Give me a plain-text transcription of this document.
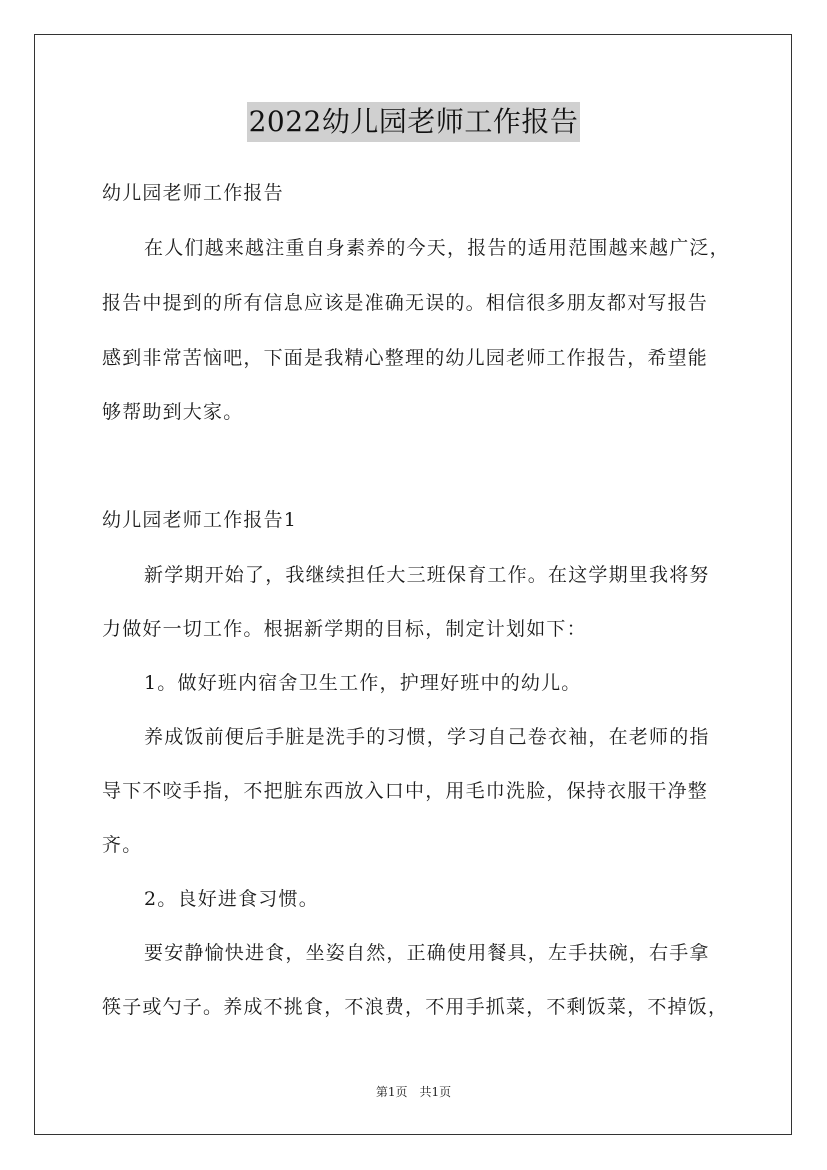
2022幼儿园老师工作报告
幼儿园老师工作报告
在人们越来越注重自身素养的今天，报告的适用范围越来越广泛，
报告中提到的所有信息应该是准确无误的。相信很多朋友都对写报告
感到非常苦恼吧，下面是我精心整理的幼儿园老师工作报告，希望能
够帮助到大家。
幼儿园老师工作报告1
新学期开始了，我继续担任大三班保育工作。在这学期里我将努
力做好一切工作。根据新学期的目标，制定计划如下：
1。做好班内宿舍卫生工作，护理好班中的幼儿。
养成饭前便后手脏是洗手的习惯，学习自己卷衣袖，在老师的指
导下不咬手指，不把脏东西放入口中，用毛巾洗脸，保持衣服干净整
齐。
2。良好进食习惯。
要安静愉快进食，坐姿自然，正确使用餐具，左手扶碗，右手拿
筷子或勺子。养成不挑食，不浪费，不用手抓菜，不剩饭菜，不掉饭，
第1页　共1页
